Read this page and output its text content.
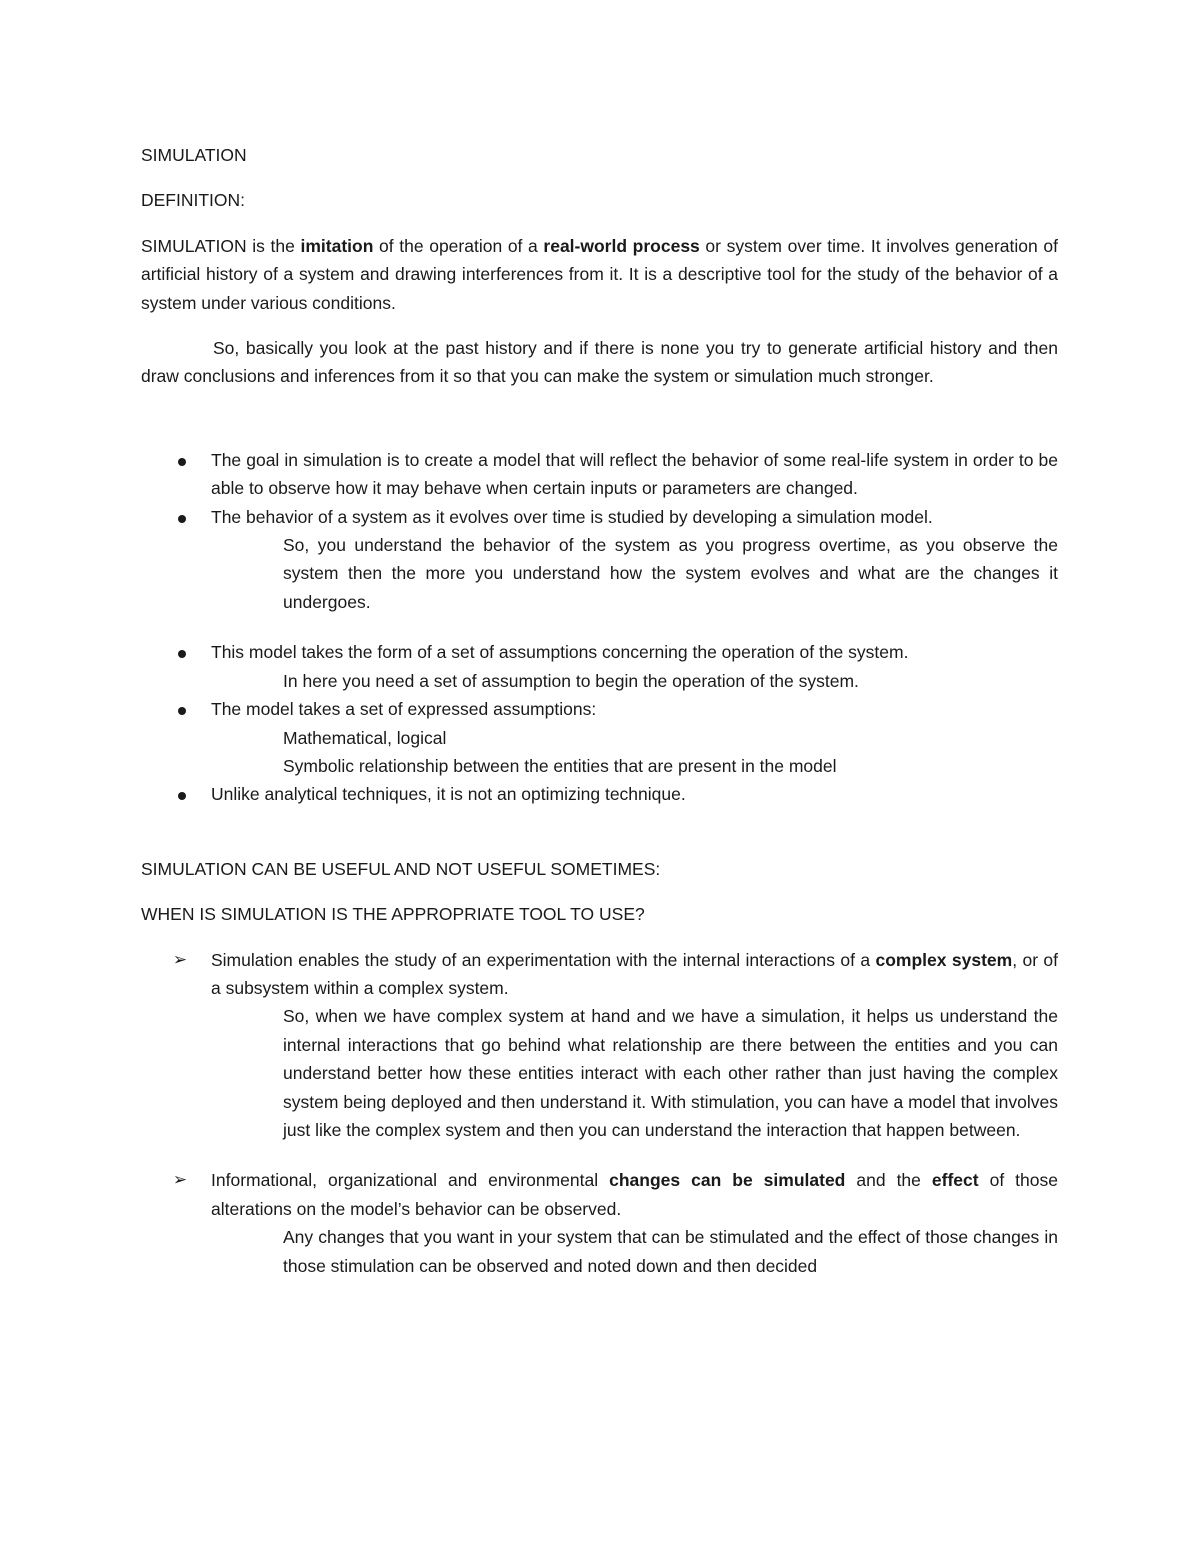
SIMULATION

DEFINITION:

SIMULATION is the imitation of the operation of a real-world process or system over time. It involves generation of artificial history of a system and drawing interferences from it. It is a descriptive tool for the study of the behavior of a system under various conditions.

So, basically you look at the past history and if there is none you try to generate artificial history and then draw conclusions and inferences from it so that you can make the system or simulation much stronger.

The goal in simulation is to create a model that will reflect the behavior of some real-life system in order to be able to observe how it may behave when certain inputs or parameters are changed.
The behavior of a system as it evolves over time is studied by developing a simulation model.

So, you understand the behavior of the system as you progress overtime, as you observe the system then the more you understand how the system evolves and what are the changes it undergoes.

This model takes the form of a set of assumptions concerning the operation of the system.

In here you need a set of assumption to begin the operation of the system.

The model takes a set of expressed assumptions:

Mathematical, logical

Symbolic relationship between the entities that are present in the model

Unlike analytical techniques, it is not an optimizing technique.

SIMULATION CAN BE USEFUL AND NOT USEFUL SOMETIMES:

WHEN IS SIMULATION IS THE APPROPRIATE TOOL TO USE?

➢ Simulation enables the study of an experimentation with the internal interactions of a complex system, or of a subsystem within a complex system.

So, when we have complex system at hand and we have a simulation, it helps us understand the internal interactions that go behind what relationship are there between the entities and you can understand better how these entities interact with each other rather than just having the complex system being deployed and then understand it. With stimulation, you can have a model that involves just like the complex system and then you can understand the interaction that happen between.

➢ Informational, organizational and environmental changes can be simulated and the effect of those alterations on the model’s behavior can be observed.

Any changes that you want in your system that can be stimulated and the effect of those changes in those stimulation can be observed and noted down and then decided
